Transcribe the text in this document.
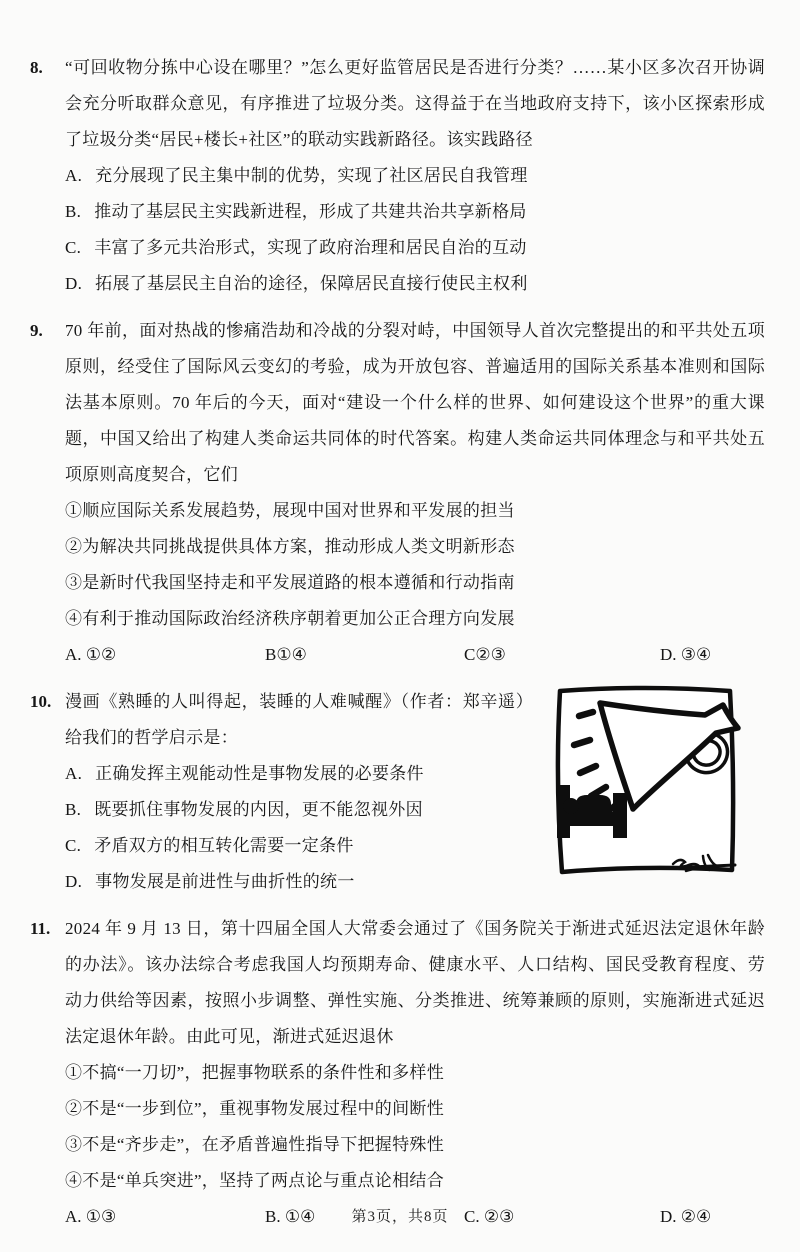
8.	“可回收物分拣中心设在哪里？”怎么更好监管居民是否进行分类？……某小区多次召开协调会充分听取群众意见，有序推进了垃圾分类。这得益于在当地政府支持下，该小区探索形成了垃圾分类“居民+楼长+社区”的联动实践新路径。该实践路径

A. 充分展现了民主集中制的优势，实现了社区居民自我管理
B. 推动了基层民主实践新进程，形成了共建共治共享新格局
C. 丰富了多元共治形式，实现了政府治理和居民自治的互动
D. 拓展了基层民主自治的途径，保障居民直接行使民主权利
9.	70 年前，面对热战的惨痛浩劫和冷战的分裂对峙，中国领导人首次完整提出的和平共处五项原则，经受住了国际风云变幻的考验，成为开放包容、普遍适用的国际关系基本准则和国际法基本原则。70 年后的今天，面对“建设一个什么样的世界、如何建设这个世界”的重大课题，中国又给出了构建人类命运共同体的时代答案。构建人类命运共同体理念与和平共处五项原则高度契合，它们

①顺应国际关系发展趋势，展现中国对世界和平发展的担当
②为解决共同挑战提供具体方案，推动形成人类文明新形态
③是新时代我国坚持走和平发展道路的根本遵循和行动指南
④有利于推动国际政治经济秩序朝着更加公正合理方向发展
A. ①②	B①④	C②③	D. ③④
10. 漫画《熟睡的人叫得起，装睡的人难喊醒》（作者：郑辛遥）给我们的哲学启示是：

A. 正确发挥主观能动性是事物发展的必要条件
B. 既要抓住事物发展的内因，更不能忽视外因
C. 矛盾双方的相互转化需要一定条件
D. 事物发展是前进性与曲折性的统一
11. 2024 年 9 月 13 日，第十四届全国人大常委会通过了《国务院关于渐进式延迟法定退休年龄的办法》。该办法综合考虑我国人均预期寿命、健康水平、人口结构、国民受教育程度、劳动力供给等因素，按照小步调整、弹性实施、分类推进、统筹兼顾的原则，实施渐进式延迟法定退休年龄。由此可见，渐进式延迟退休

①不搞“一刀切”，把握事物联系的条件性和多样性
②不是“一步到位”，重视事物发展过程中的间断性
③不是“齐步走”，在矛盾普遍性指导下把握特殊性
④不是“单兵突进”，坚持了两点论与重点论相结合
A. ①③	B. ①④	C. ②③	D. ②④
第3页，共8页
